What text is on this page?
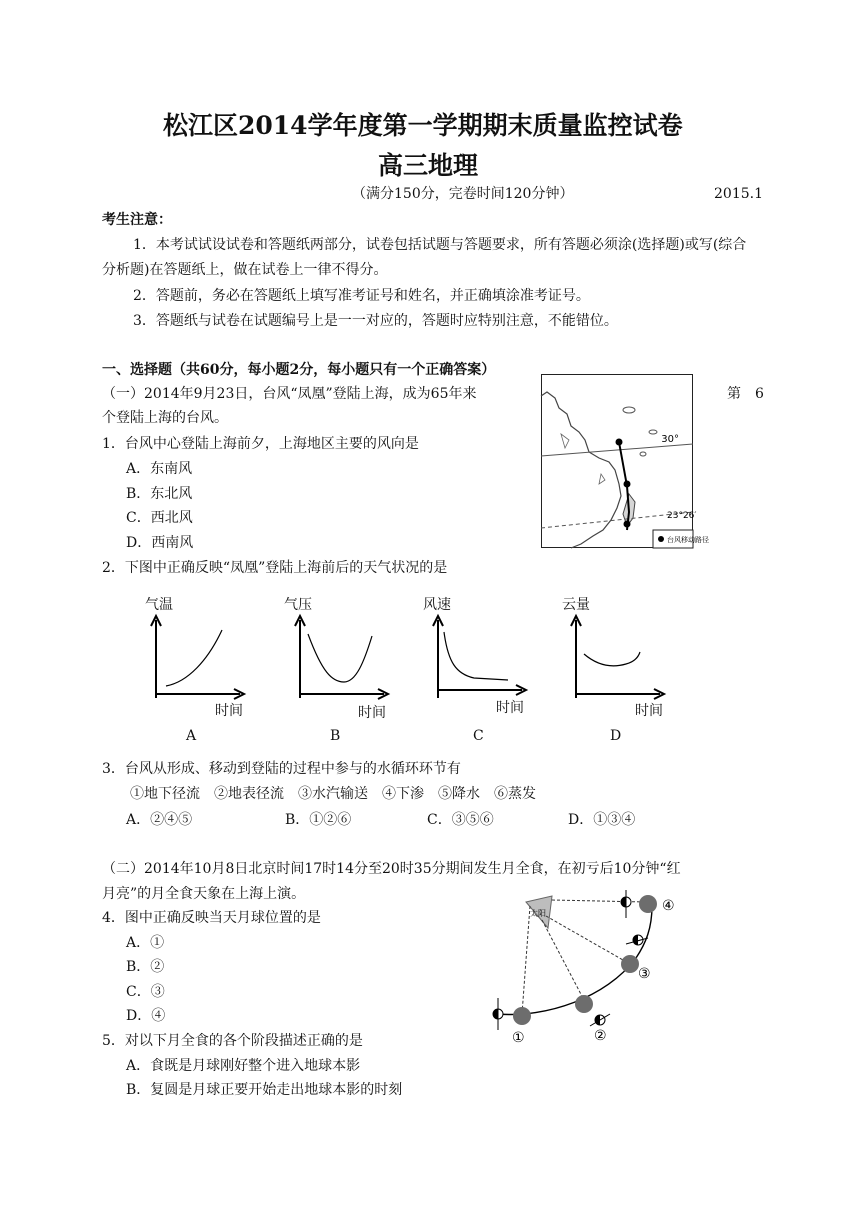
松江区2014学年度第一学期期末质量监控试卷
高三地理
（满分150分，完卷时间120分钟）	2015.1
考生注意：
1．本考试试设试卷和答题纸两部分，试卷包括试题与答题要求，所有答题必须涂(选择题)或写(综合
分析题)在答题纸上，做在试卷上一律不得分。
2．答题前，务必在答题纸上填写准考证号和姓名，并正确填涂准考证号。
3．答题纸与试卷在试题编号上是一一对应的，答题时应特别注意，不能错位。
一、选择题（共60分，每小题2分，每小题只有一个正确答案）
（一）2014年9月23日，台风“凤凰”登陆上海，成为65年来
个登陆上海的台风。
第　6
30°
23°26′
台风移动路径
1．台风中心登陆上海前夕，上海地区主要的风向是
A．东南风
B．东北风
C．西北风
D．西南风
2．下图中正确反映“凤凰”登陆上海前后的天气状况的是
气温
时间
A
气压
时间
B
风速
时间
C
云量
时间
D
3．台风从形成、移动到登陆的过程中参与的水循环环节有
①地下径流　②地表径流　③水汽输送　④下渗　⑤降水　⑥蒸发
A．②④⑤	B．①②⑥	C．③⑤⑥	D．①③④
（二）2014年10月8日北京时间17时14分至20时35分期间发生月全食，在初亏后10分钟“红
月亮”的月全食天象在上海上演。
太阳
①	②
③
④
4．图中正确反映当天月球位置的是
A．①
B．②
C．③
D．④
5．对以下月全食的各个阶段描述正确的是
A．食既是月球刚好整个进入地球本影
B．复圆是月球正要开始走出地球本影的时刻
